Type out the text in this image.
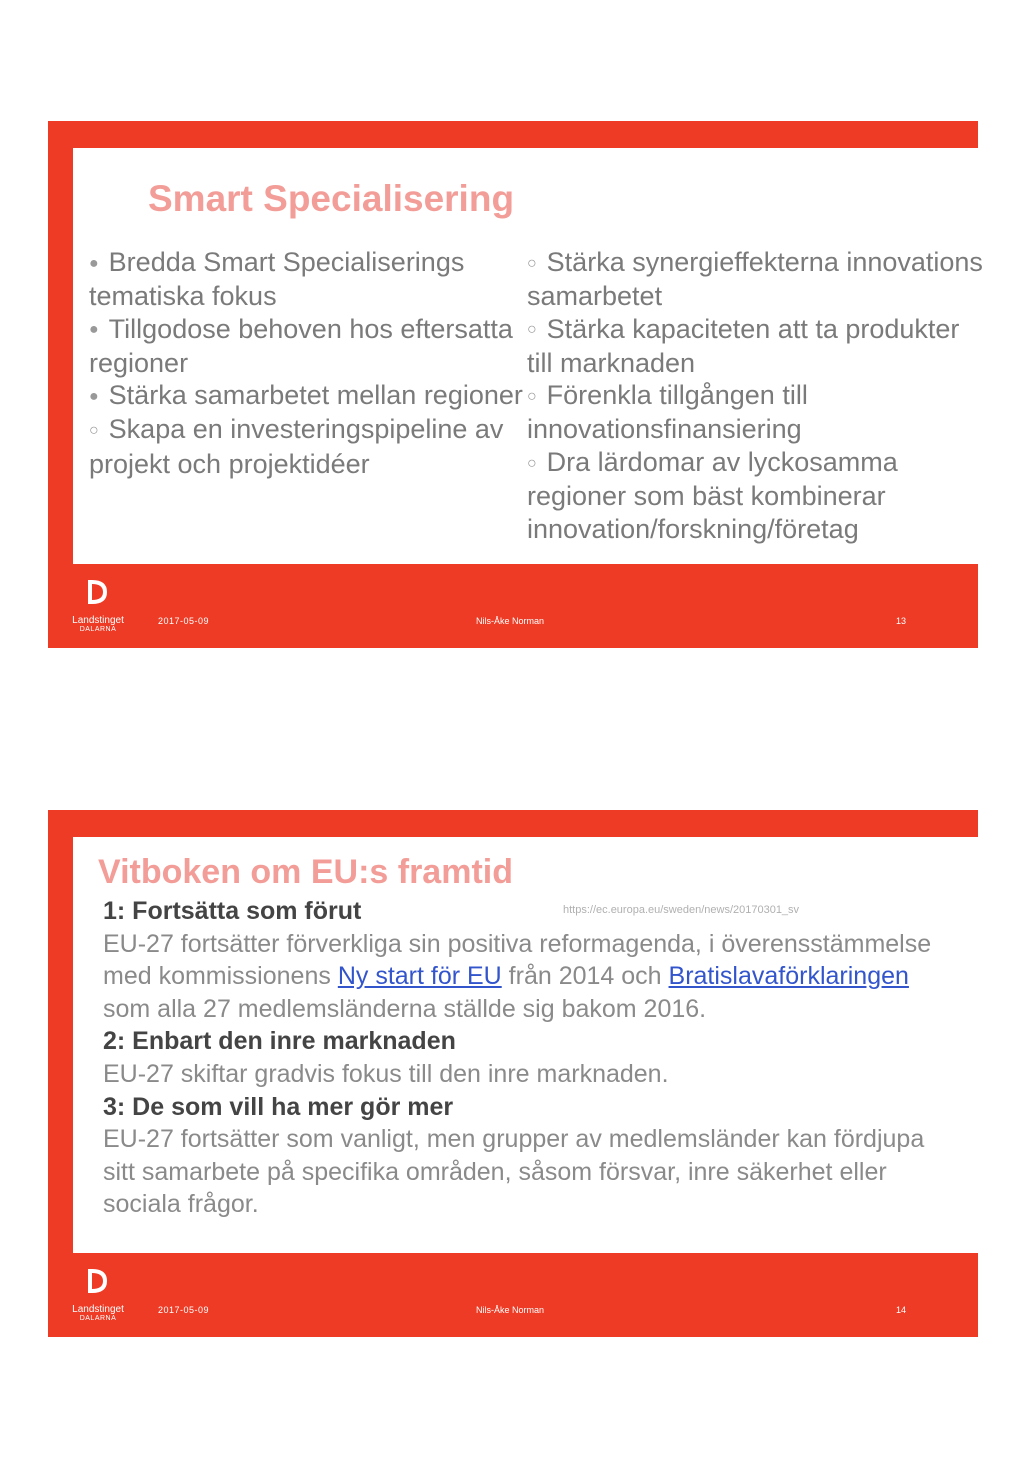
Smart Specialisering

● Bredda Smart Specialiserings tematiska fokus

● Tillgodose behoven hos eftersatta regioner

● Stärka samarbetet mellan regioner

○ Skapa en investeringspipeline av projekt och projektidéer

○ Stärka synergieffekterna innovations samarbetet

○ Stärka kapaciteten att ta produkter till marknaden

○ Förenkla tillgången till innovationsfinansiering

○ Dra lärdomar av lyckosamma regioner som bäst kombinerar innovation/forskning/företag

Landstinget
DALARNA
2017-05-09	Nils-Åke Norman	13
Vitboken om EU:s framtid
https://ec.europa.eu/sweden/news/20170301_sv

1: Fortsätta som förut

EU-27 fortsätter förverkliga sin positiva reformagenda, i överensstämmelse med kommissionens Ny start för EU från 2014 och Bratislavaförklaringen som alla 27 medlemsländerna ställde sig bakom 2016.

2: Enbart den inre marknaden

EU-27 skiftar gradvis fokus till den inre marknaden.

3: De som vill ha mer gör mer

EU-27 fortsätter som vanligt, men grupper av medlemsländer kan fördjupa sitt samarbete på specifika områden, såsom försvar, inre säkerhet eller sociala frågor.

Landstinget
DALARNA
2017-05-09	Nils-Åke Norman	14
